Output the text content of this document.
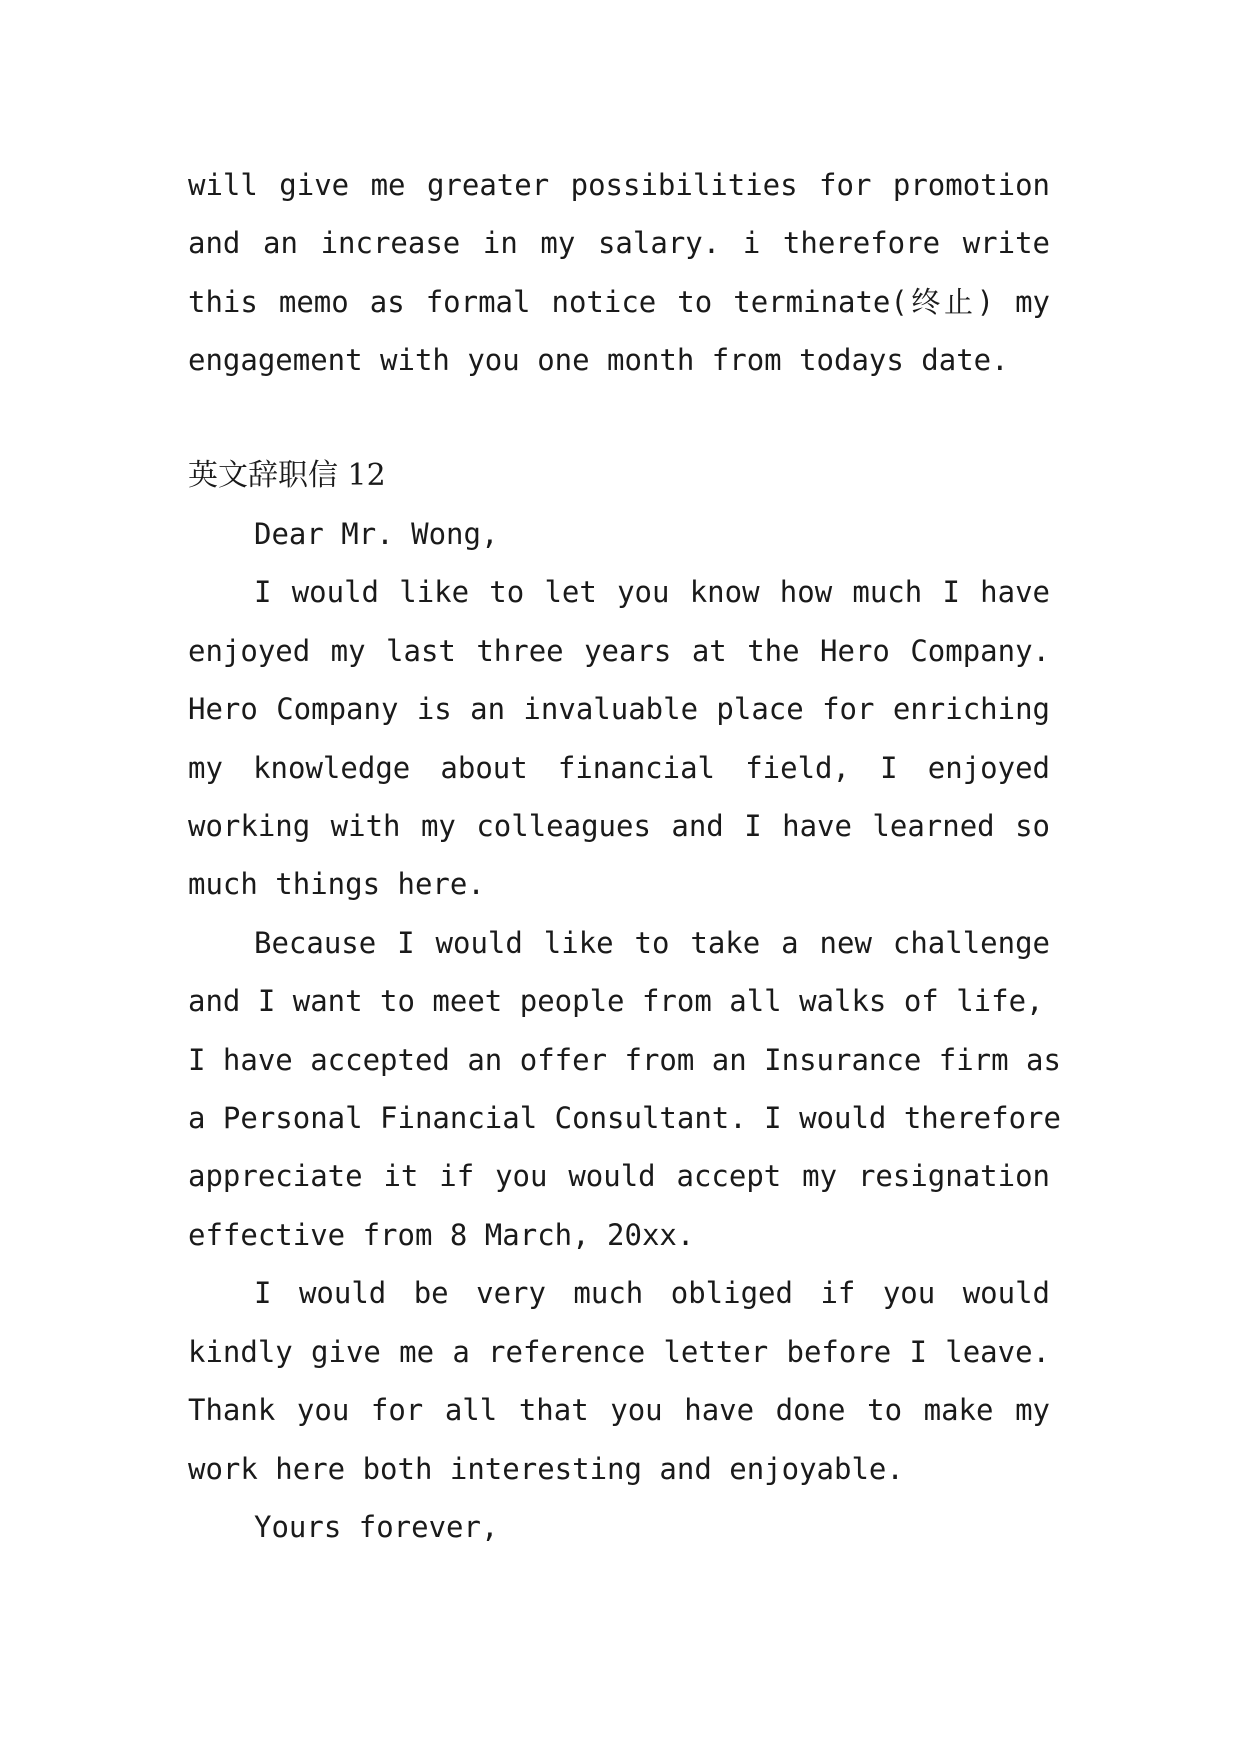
will give me greater possibilities for promotion
and an increase in my salary. i therefore write
this memo as formal notice to terminate(终止) my
engagement with you one month from todays date.

英文辞职信 12

Dear Mr. Wong,
I would like to let you know how much I have
enjoyed my last three years at the Hero Company.
Hero Company is an invaluable place for enriching
my knowledge about financial field, I enjoyed
working with my colleagues and I have learned so
much things here.
Because I would like to take a new challenge
and I want to meet people from all walks of life,
I have accepted an offer from an Insurance firm as
a Personal Financial Consultant. I would therefore
appreciate it if you would accept my resignation
effective from 8 March, 20xx.
I would be very much obliged if you would
kindly give me a reference letter before I leave.
Thank you for all that you have done to make my
work here both interesting and enjoyable.
Yours forever,
